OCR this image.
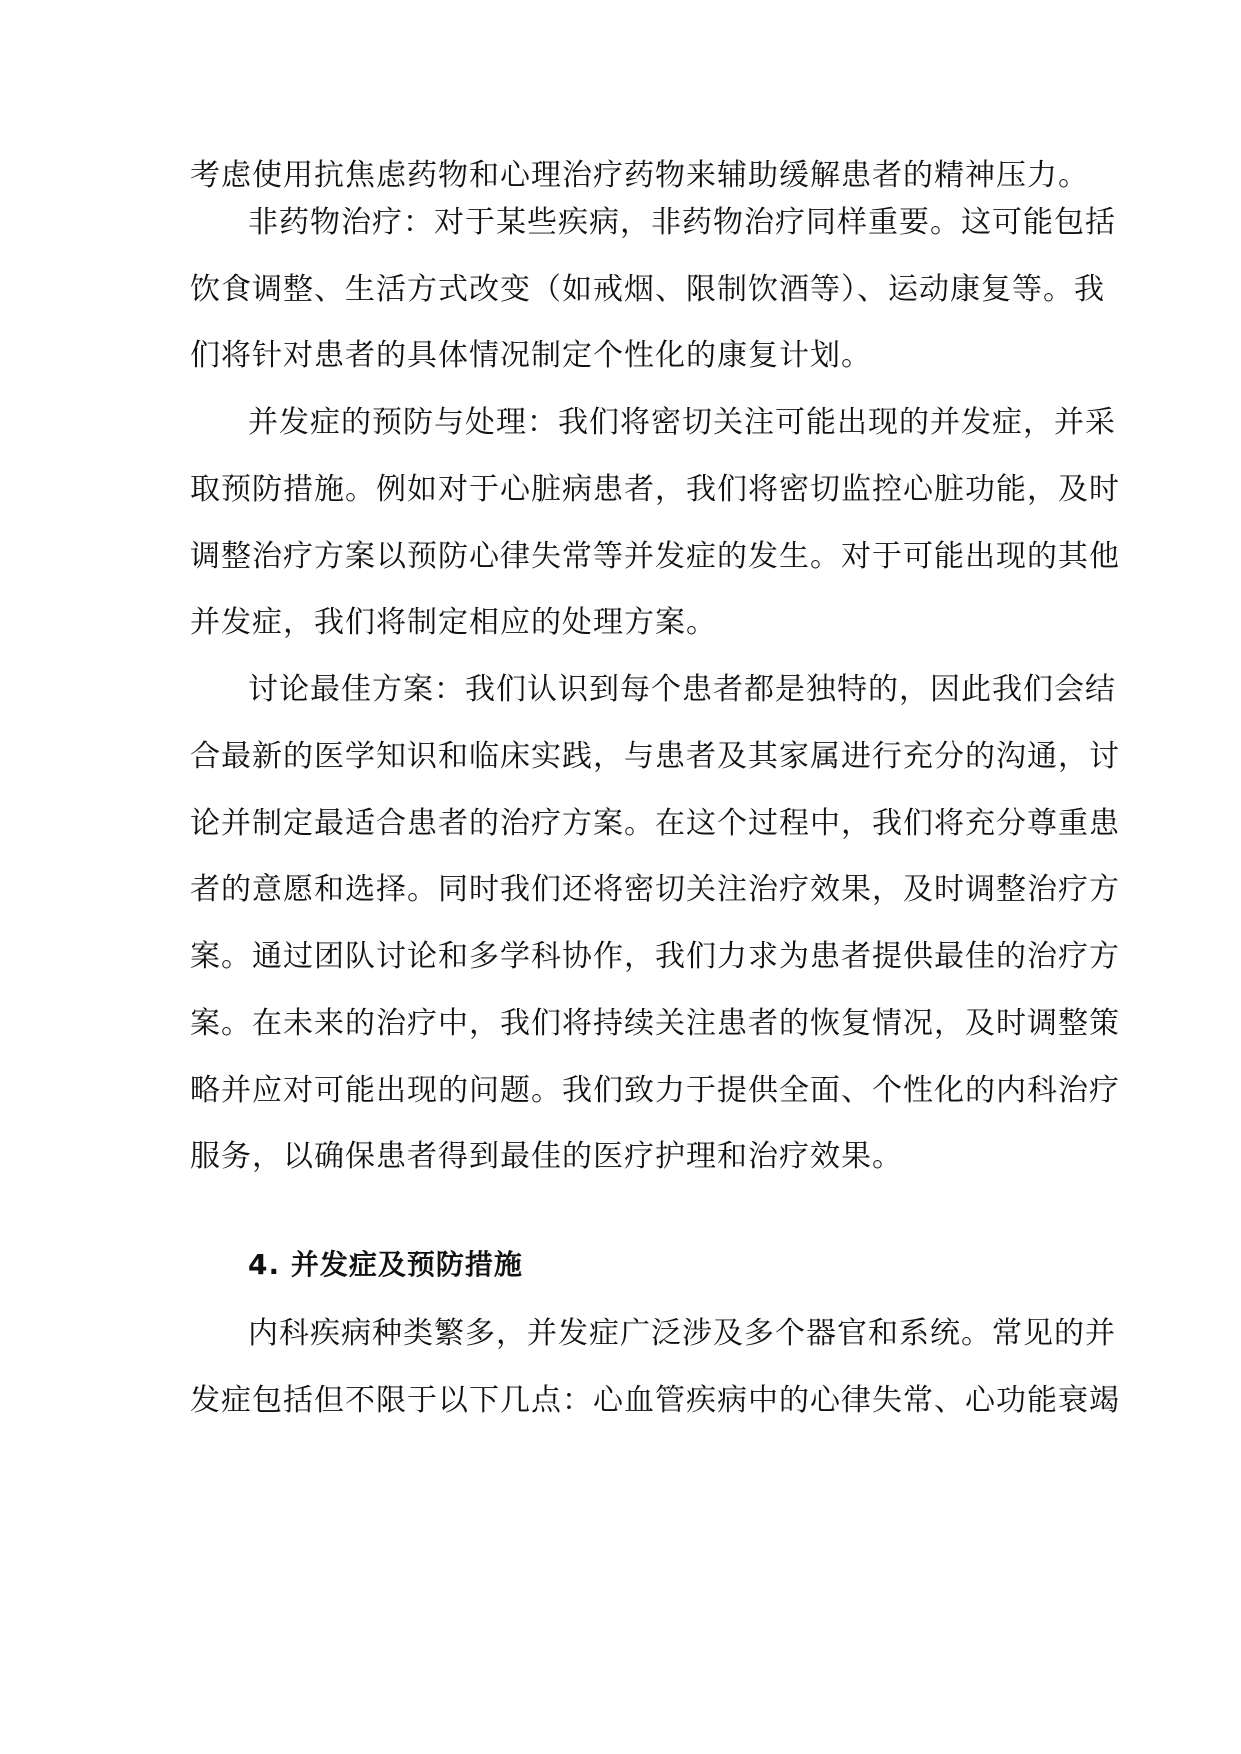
考虑使用抗焦虑药物和心理治疗药物来辅助缓解患者的精神压力。
非药物治疗：对于某些疾病，非药物治疗同样重要。这可能包括
饮食调整、生活方式改变（如戒烟、限制饮酒等）、运动康复等。我
们将针对患者的具体情况制定个性化的康复计划。
并发症的预防与处理：我们将密切关注可能出现的并发症，并采
取预防措施。例如对于心脏病患者，我们将密切监控心脏功能，及时
调整治疗方案以预防心律失常等并发症的发生。对于可能出现的其他
并发症，我们将制定相应的处理方案。
讨论最佳方案：我们认识到每个患者都是独特的，因此我们会结
合最新的医学知识和临床实践，与患者及其家属进行充分的沟通，讨
论并制定最适合患者的治疗方案。在这个过程中，我们将充分尊重患
者的意愿和选择。同时我们还将密切关注治疗效果，及时调整治疗方
案。通过团队讨论和多学科协作，我们力求为患者提供最佳的治疗方
案。在未来的治疗中，我们将持续关注患者的恢复情况，及时调整策
略并应对可能出现的问题。我们致力于提供全面、个性化的内科治疗
服务，以确保患者得到最佳的医疗护理和治疗效果。
4. 并发症及预防措施
内科疾病种类繁多，并发症广泛涉及多个器官和系统。常见的并
发症包括但不限于以下几点：心血管疾病中的心律失常、心功能衰竭
